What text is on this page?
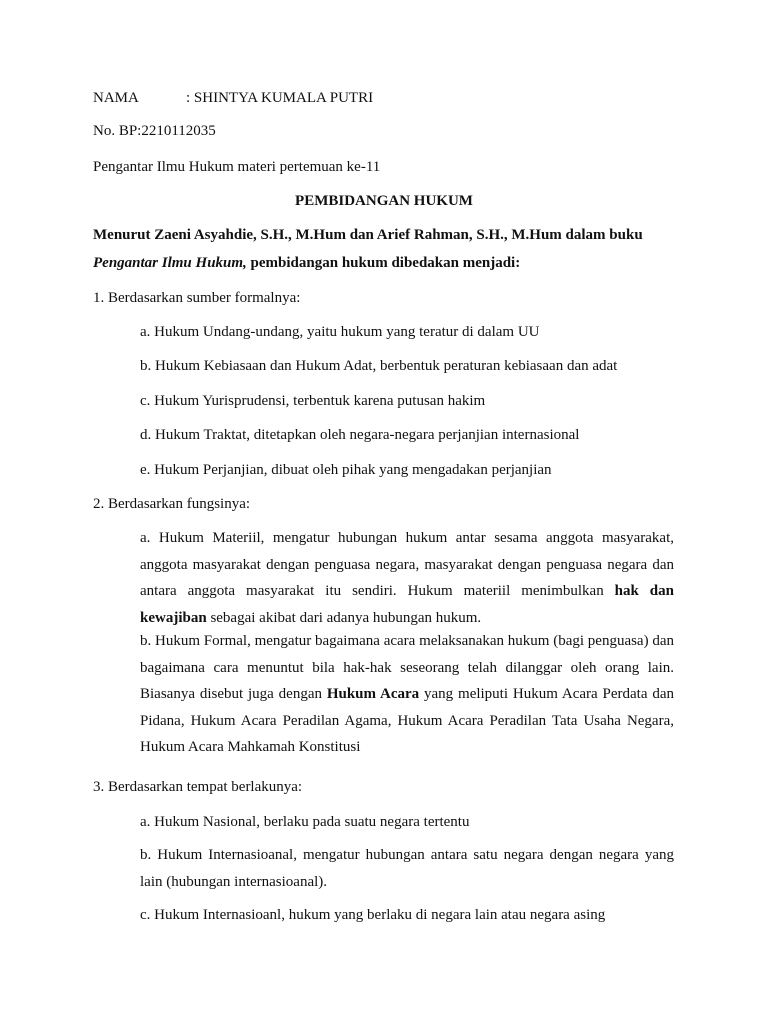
NAMA	: SHINTYA KUMALA PUTRI
No. BP:2210112035
Pengantar Ilmu Hukum materi pertemuan ke-11
PEMBIDANGAN HUKUM
Menurut Zaeni Asyahdie, S.H., M.Hum dan Arief Rahman, S.H., M.Hum dalam buku
Pengantar Ilmu Hukum, pembidangan hukum dibedakan menjadi:
1. Berdasarkan sumber formalnya:
a. Hukum Undang-undang, yaitu hukum yang teratur di dalam UU
b. Hukum Kebiasaan dan Hukum Adat, berbentuk peraturan kebiasaan dan adat
c. Hukum Yurisprudensi, terbentuk karena putusan hakim
d. Hukum Traktat, ditetapkan oleh negara-negara perjanjian internasional
e. Hukum Perjanjian, dibuat oleh pihak yang mengadakan perjanjian
2. Berdasarkan fungsinya:
a. Hukum Materiil, mengatur hubungan hukum antar sesama anggota masyarakat, anggota masyarakat dengan penguasa negara, masyarakat dengan penguasa negara dan antara anggota masyarakat itu sendiri. Hukum materiil menimbulkan hak dan kewajiban sebagai akibat dari adanya hubungan hukum.
b. Hukum Formal, mengatur bagaimana acara melaksanakan hukum (bagi penguasa) dan bagaimana cara menuntut bila hak-hak seseorang telah dilanggar oleh orang lain. Biasanya disebut juga dengan Hukum Acara yang meliputi Hukum Acara Perdata dan Pidana, Hukum Acara Peradilan Agama, Hukum Acara Peradilan Tata Usaha Negara, Hukum Acara Mahkamah Konstitusi
3. Berdasarkan tempat berlakunya:
a. Hukum Nasional, berlaku pada suatu negara tertentu
b. Hukum Internasioanal, mengatur hubungan antara satu negara dengan negara yang lain (hubungan internasioanal).
c. Hukum Internasioanl, hukum yang berlaku di negara lain atau negara asing
